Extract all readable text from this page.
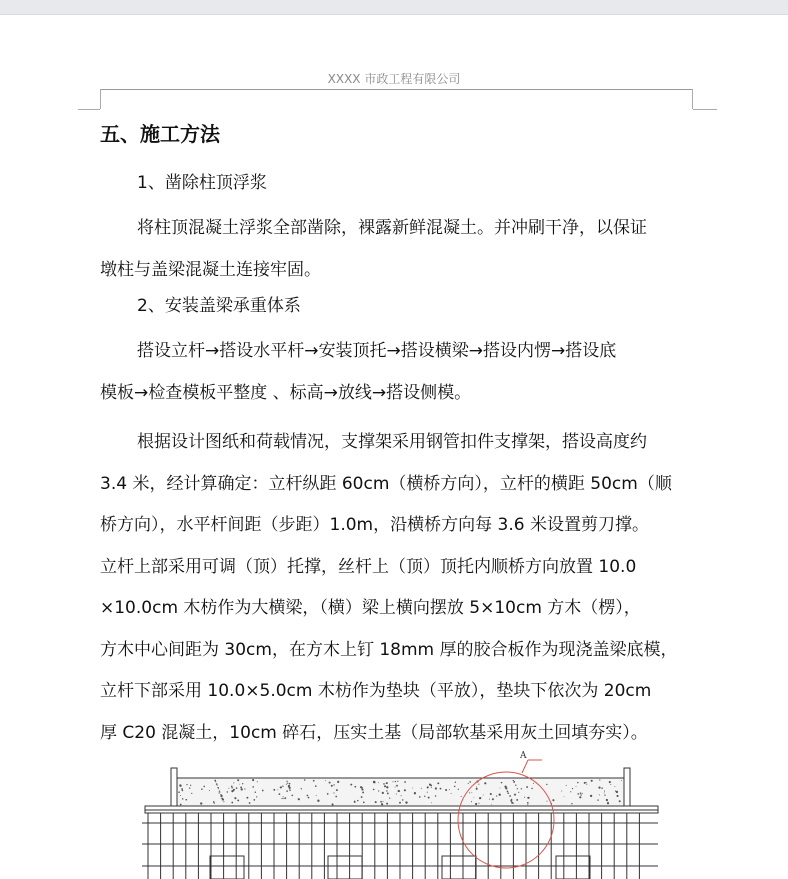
XXXX 市政工程有限公司
五、施工方法
1、凿除柱顶浮浆
将柱顶混凝土浮浆全部凿除，裸露新鲜混凝土。并冲刷干净，以保证
墩柱与盖梁混凝土连接牢固。
2、安装盖梁承重体系
搭设立杆→搭设水平杆→安装顶托→搭设横梁→搭设内愣→搭设底
模板→检查模板平整度 、标高→放线→搭设侧模。
根据设计图纸和荷载情况，支撑架采用钢管扣件支撑架，搭设高度约
3.4 米，经计算确定：立杆纵距 60cm（横桥方向），立杆的横距 50cm（顺
桥方向），水平杆间距（步距）1.0m，沿横桥方向每 3.6 米设置剪刀撑。
立杆上部采用可调（顶）托撑，丝杆上（顶）顶托内顺桥方向放置 10.0
×10.0cm 木枋作为大横梁，（横）梁上横向摆放 5×10cm 方木（楞），
方木中心间距为 30cm，在方木上钉 18mm 厚的胶合板作为现浇盖梁底模，
立杆下部采用 10.0×5.0cm 木枋作为垫块（平放），垫块下依次为 20cm
厚 C20 混凝土，10cm 碎石，压实土基（局部软基采用灰土回填夯实）。
A
